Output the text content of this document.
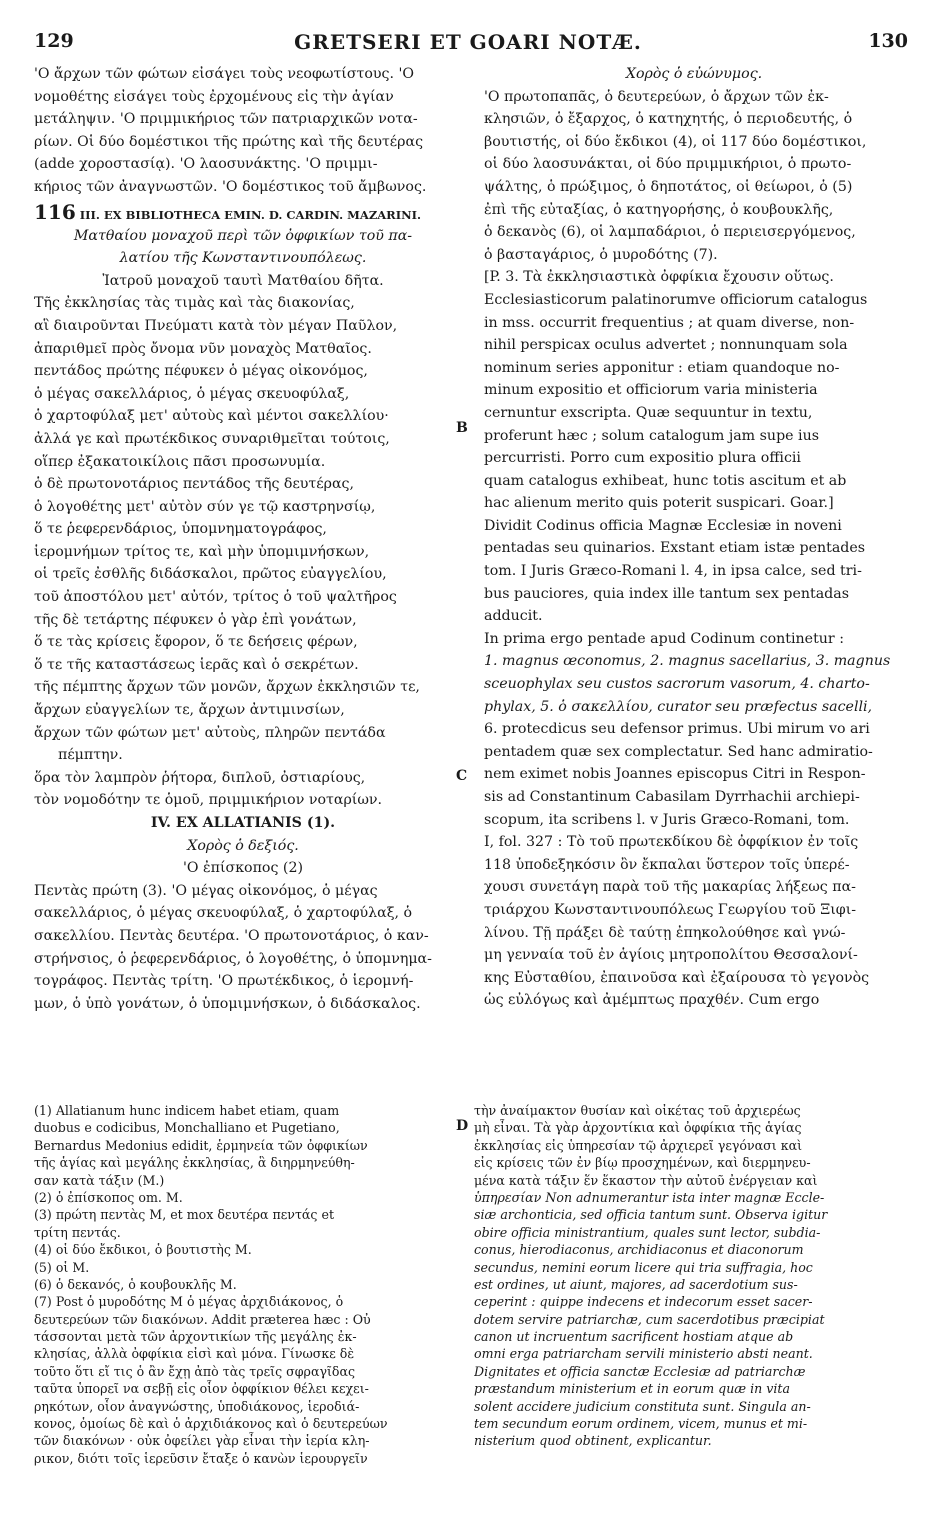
129	GRETSERI ET GOARI NOTÆ.	130
'Ο ἄρχων τῶν φώτων εἰσάγει τοὺς νεοφωτίστους. 'Ο
νομοθέτης εἰσάγει τοὺς ἐρχομένους εἰς τὴν ἁγίαν
μετάληψιν. 'Ο πριμμικήριος τῶν πατριαρχικῶν νοτα-
ρίων. Οἱ δύο δομέστικοι τῆς πρώτης καὶ τῆς δευτέρας
(adde χοροστασίᾳ). 'Ο λαοσυνάκτης. 'Ο πριμμι-
κήριος τῶν ἀναγνωστῶν. 'Ο δομέστικος τοῦ ἄμβωνος.
116 III. EX BIBLIOTHECA EMIN. D. CARDIN. MAZARINI.
Ματθαίου μοναχοῦ περὶ τῶν ὀφφικίων τοῦ πα-
λατίου τῆς Κωνσταντινουπόλεως.
Ἰατροῦ μοναχοῦ ταυτὶ Ματθαίου δῆτα.
Τῆς ἐκκλησίας τὰς τιμὰς καὶ τὰς διακονίας,
αἳ διαιροῦνται Πνεύματι κατὰ τὸν μέγαν Παῦλον,
ἀπαριθμεῖ πρὸς ὄνομα νῦν μοναχὸς Ματθαῖος.
πεντάδος πρώτης πέφυκεν ὁ μέγας οἰκονόμος,
ὁ μέγας σακελλάριος, ὁ μέγας σκευοφύλαξ,
ὁ χαρτοφύλαξ μετ' αὐτοὺς καὶ μέντοι σακελλίου·
ἀλλά γε καὶ πρωτέκδικος συναριθμεῖται τούτοις,
οἵπερ ἐξακατοικίλοις πᾶσι προσωνυμία.
ὁ δὲ πρωτονοτάριος πεντάδος τῆς δευτέρας,
ὁ λογοθέτης μετ' αὐτὸν σύν γε τῷ καστρηνσίῳ,
ὅ τε ῥεφερενδάριος, ὑπομνηματογράφος,
ἱερομνήμων τρίτος τε, καὶ μὴν ὑπομιμνήσκων,
οἱ τρεῖς ἐσθλῆς διδάσκαλοι, πρῶτος εὐαγγελίου,
τοῦ ἀποστόλου μετ' αὐτόν, τρίτος ὁ τοῦ ψαλτῆρος
τῆς δὲ τετάρτης πέφυκεν ὁ γὰρ ἐπὶ γονάτων,
ὅ τε τὰς κρίσεις ἔφορον, ὅ τε δεήσεις φέρων,
ὅ τε τῆς καταστάσεως ἱερᾶς καὶ ὁ σεκρέτων.
τῆς πέμπτης ἄρχων τῶν μονῶν, ἄρχων ἐκκλησιῶν τε,
ἄρχων εὐαγγελίων τε, ἄρχων ἀντιμινσίων,
ἄρχων τῶν φώτων μετ' αὐτοὺς, πληρῶν πεντάδα
πέμπτην.
ὅρα τὸν λαμπρὸν ῥήτορα, διπλοῦ, ὀστιαρίους,
τὸν νομοδότην τε ὁμοῦ, πριμμικήριον νοταρίων.
IV. EX ALLATIANIS (1).
Χορὸς ὁ δεξιός.
'Ο ἐπίσκοπος (2)
Πεντὰς πρώτη (3). 'Ο μέγας οἰκονόμος, ὁ μέγας
σακελλάριος, ὁ μέγας σκευοφύλαξ, ὁ χαρτοφύλαξ, ὁ
σακελλίου. Πεντὰς δευτέρα. 'Ο πρωτονοτάριος, ὁ καν-
στρήνσιος, ὁ ῥεφερενδάριος, ὁ λογοθέτης, ὁ ὑπομνημα-
τογράφος. Πεντὰς τρίτη. 'Ο πρωτέκδικος, ὁ ἱερομνή-
μων, ὁ ὑπὸ γονάτων, ὁ ὑπομιμνήσκων, ὁ διδάσκαλος.
Χορὸς ὁ εὐώνυμος.
'Ο πρωτοπαπᾶς, ὁ δευτερεύων, ὁ ἄρχων τῶν ἐκ-
κλησιῶν, ὁ ἔξαρχος, ὁ κατηχητής, ὁ περιοδευτής, ὁ
βουτιστής, οἱ δύο ἔκδικοι (4), οἱ 117 δύο δομέστικοι,
οἱ δύο λαοσυνάκται, οἱ δύο πριμμικήριοι, ὁ πρωτο-
ψάλτης, ὁ πρώξιμος, ὁ δηποτάτος, οἱ θείωροι, ὁ (5)
ἐπὶ τῆς εὐταξίας, ὁ κατηγορήσης, ὁ κουβουκλῆς,
ὁ δεκανὸς (6), οἱ λαμπαδάριοι, ὁ περιεισεργόμενος,
ὁ βασταγάριος, ὁ μυροδότης (7).
[P. 3. Τὰ ἐκκλησιαστικὰ ὀφφίκια ἔχουσιν οὕτως.
Ecclesiasticorum palatinorumve officiorum catalogus
in mss. occurrit frequentius ; at quam diverse, non-
nihil perspicax oculus advertet ; nonnunquam sola
nominum series apponitur : etiam quandoque no-
minum expositio et officiorum varia ministeria
cernuntur exscripta. Quæ sequuntur in textu,
proferunt hæc ; solum catalogum jam supe ius
percurristi. Porro cum expositio plura officii
quam catalogus exhibeat, hunc totis ascitum et ab
hac alienum merito quis poterit suspicari. Goar.]
Dividit Codinus officia Magnæ Ecclesiæ in noveni
pentadas seu quinarios. Exstant etiam istæ pentades
tom. I Juris Græco-Romani l. 4, in ipsa calce, sed tri-
bus pauciores, quia index ille tantum sex pentadas
adducit.
In prima ergo pentade apud Codinum continetur :
1. magnus œconomus, 2. magnus sacellarius, 3. magnus
sceuophylax seu custos sacrorum vasorum, 4. charto-
phylax, 5. ὁ σακελλίου, curator seu præfectus sacelli,
6. protecdicus seu defensor primus. Ubi mirum vo ari
pentadem quæ sex complectatur. Sed hanc admiratio-
nem eximet nobis Joannes episcopus Citri in Respon-
sis ad Constantinum Cabasilam Dyrrhachii archiepi-
scopum, ita scribens l. v Juris Græco-Romani, tom.
I, fol. 327 : Τὸ τοῦ πρωτεκδίκου δὲ ὀφφίκιον ἐν τοῖς
118 ὑποδεξηκόσιν ὂν ἔκπαλαι ὕστερον τοῖς ὑπερέ-
χουσι συνετάγη παρὰ τοῦ τῆς μακαρίας λήξεως πα-
τριάρχου Κωνσταντινουπόλεως Γεωργίου τοῦ Ξιφι-
λίνου. Τῇ πράξει δὲ ταύτῃ ἐπηκολούθησε καὶ γνώ-
μη γενναία τοῦ ἐν ἁγίοις μητροπολίτου Θεσσαλονί-
κης Εὐσταθίου, ἐπαινοῦσα καὶ ἐξαίρουσα τὸ γεγονὸς
ὡς εὐλόγως καὶ ἀμέμπτως πραχθέν. Cum ergo
(1) Allatianum hunc indicem habet etiam, quam
duobus e codicibus, Monchalliano et Pugetiano,
Bernardus Medonius edidit, ἑρμηνεία τῶν ὀφφικίων
τῆς ἁγίας καὶ μεγάλης ἐκκλησίας, ἃ διηρμηνεύθη-
σαν κατὰ τάξιν (M.)
(2) ὁ ἐπίσκοπος om. M.
(3) πρώτη πεντὰς M, et mox δευτέρα πεντάς et
τρίτη πεντάς.
(4) οἱ δύο ἔκδικοι, ὁ βουτιστὴς M.
(5) οἱ M.
(6) ὁ δεκανός, ὁ κουβουκλῆς M.
(7) Post ὁ μυροδότης M ὁ μέγας ἀρχιδιάκονος, ὁ
δευτερεύων τῶν διακόνων. Addit præterea hæc : Οὐ
τάσσονται μετὰ τῶν ἀρχοντικίων τῆς μεγάλης ἐκ-
κλησίας, ἀλλὰ ὀφφίκια εἰσὶ καὶ μόνα. Γίνωσκε δὲ
τοῦτο ὅτι εἴ τις ὁ ἂν ἔχῃ ἀπὸ τὰς τρεῖς σφραγῖδας
ταῦτα ὑπορεῖ να σεβῇ εἰς οἷον ὀφφίκιον θέλει κεχει-
ρηκότων, οἷον ἀναγνώστης, ὑποδιάκονος, ἱεροδιά-
κονος, ὁμοίως δὲ καὶ ὁ ἀρχιδιάκονος καὶ ὁ δευτερεύων
τῶν διακόνων · οὐκ ὀφείλει γὰρ εἶναι τὴν ἱερία κλη-
ρικον, διότι τοῖς ἱερεῦσιν ἔταξε ὁ κανὼν ἱερουργεῖν
τὴν ἀναίμακτον θυσίαν καὶ οἰκέτας τοῦ ἀρχιερέως
μὴ εἶναι. Τὰ γὰρ ἀρχοντίκια καὶ ὀφφίκια τῆς ἁγίας
ἐκκλησίας εἰς ὑπηρεσίαν τῷ ἀρχιερεῖ γεγόνασι καὶ
εἰς κρίσεις τῶν ἐν βίῳ προσχημένων, καὶ διερμηνευ-
μένα κατὰ τάξιν ἕν ἕκαστον τὴν αὐτοῦ ἐνέργειαν καὶ
ὑπηρεσίαν Non adnumerantur ista inter magnæ Eccle-
siæ archonticia, sed officia tantum sunt. Observa igitur
obire officia ministrantium, quales sunt lector, subdia-
conus, hierodiaconus, archidiaconus et diaconorum
secundus, nemini eorum licere qui tria suffragia, hoc
est ordines, ut aiunt, majores, ad sacerdotium sus-
ceperint : quippe indecens et indecorum esset sacer-
dotem servire patriarchæ, cum sacerdotibus præcipiat
canon ut incruentum sacrificent hostiam atque ab
omni erga patriarcham servili ministerio absti neant.
Dignitates et officia sanctæ Ecclesiæ ad patriarchæ
præstandum ministerium et in eorum quæ in vita
solent accidere judicium constituta sunt. Singula an-
tem secundum eorum ordinem, vicem, munus et mi-
nisterium quod obtinent, explicantur.
B
C
D
